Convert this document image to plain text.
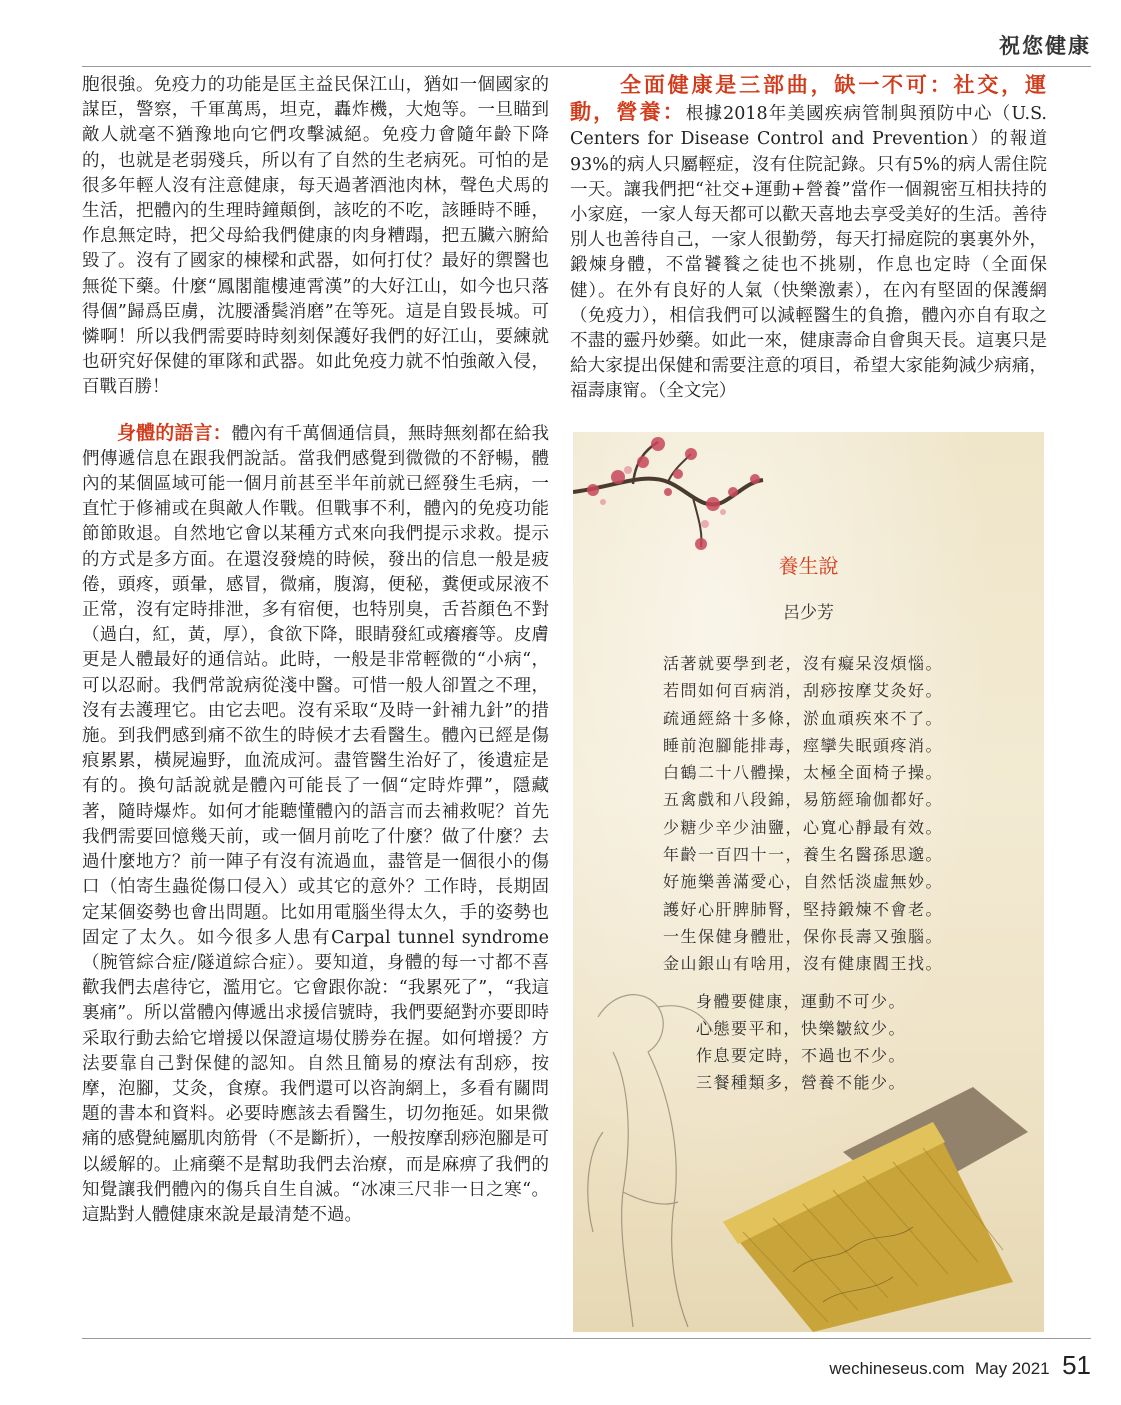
祝您健康

胞很強。免疫力的功能是匡主益民保江山，猶如一個國家的謀臣，警察，千軍萬馬，坦克，轟炸機，大炮等。一旦瞄到敵人就毫不猶豫地向它們攻擊滅絕。免疫力會隨年齡下降的，也就是老弱殘兵，所以有了自然的生老病死。可怕的是很多年輕人沒有注意健康，每天過著酒池肉林，聲色犬馬的生活，把體內的生理時鐘顛倒，該吃的不吃，該睡時不睡，作息無定時，把父母給我們健康的肉身糟蹋，把五臟六腑給毀了。沒有了國家的棟樑和武器，如何打仗？最好的禦醫也無從下藥。什麼“鳳閣龍樓連霄漢”的大好江山，如今也只落得個”歸爲臣虜，沈腰潘鬓消磨”在等死。這是自毀長城。可憐啊！所以我們需要時時刻刻保護好我們的好江山，要練就也研究好保健的軍隊和武器。如此免疫力就不怕強敵入侵，百戰百勝！

身體的語言：體內有千萬個通信員，無時無刻都在給我們傳遞信息在跟我們說話。當我們感覺到微微的不舒暢，體內的某個區域可能一個月前甚至半年前就已經發生毛病，一直忙于修補或在與敵人作戰。但戰事不利，體內的免疫功能節節敗退。自然地它會以某種方式來向我們提示求救。提示的方式是多方面。在還沒發燒的時候，發出的信息一般是疲倦，頭疼，頭暈，感冒，微痛，腹瀉，便秘，糞便或尿液不正常，沒有定時排泄，多有宿便，也特別臭，舌苔顏色不對（過白，紅，黃，厚），食欲下降，眼睛發紅或癢癢等。皮膚更是人體最好的通信站。此時，一般是非常輕微的“小病“，可以忍耐。我們常說病從淺中醫。可惜一般人卻置之不理，沒有去護理它。由它去吧。沒有采取“及時一針補九針”的措施。到我們感到痛不欲生的時候才去看醫生。體內已經是傷痕累累，橫屍遍野，血流成河。盡管醫生治好了，後遺症是有的。換句話說就是體內可能長了一個“定時炸彈”，隱藏著，隨時爆炸。如何才能聽懂體內的語言而去補救呢？首先我們需要回憶幾天前，或一個月前吃了什麼？做了什麼？去過什麼地方？前一陣子有沒有流過血，盡管是一個很小的傷口（怕寄生蟲從傷口侵入）或其它的意外？工作時，長期固定某個姿勢也會出問題。比如用電腦坐得太久，手的姿勢也固定了太久。如今很多人患有Carpal tunnel syndrome （腕管綜合症/隧道綜合症）。要知道，身體的每一寸都不喜歡我們去虐待它，濫用它。它會跟你說：“我累死了”，“我這裏痛”。所以當體內傳遞出求援信號時，我們要絕對亦要即時采取行動去給它增援以保證這場仗勝券在握。如何增援？方法要靠自己對保健的認知。自然且簡易的療法有刮痧，按摩，泡腳，艾灸，食療。我們還可以咨詢網上，多看有關問題的書本和資料。必要時應該去看醫生，切勿拖延。如果微痛的感覺純屬肌肉筋骨（不是斷折），一般按摩刮痧泡腳是可以緩解的。止痛藥不是幫助我們去治療，而是麻痹了我們的知覺讓我們體內的傷兵自生自滅。“冰凍三尺非一日之寒“。這點對人體健康來說是最清楚不過。

全面健康是三部曲，缺一不可：社交，運動，營養：根據2018年美國疾病管制與預防中心（U.S. Centers for Disease Control and Prevention）的報道93%的病人只屬輕症，沒有住院記錄。只有5%的病人需住院一天。讓我們把“社交+運動+營養”當作一個親密互相扶持的小家庭，一家人每天都可以歡天喜地去享受美好的生活。善待別人也善待自己，一家人很勤勞，每天打掃庭院的裏裏外外，鍛煉身體，不當饕餮之徒也不挑剔，作息也定時（全面保健）。在外有良好的人氣（快樂激素），在內有堅固的保護網（免疫力），相信我們可以減輕醫生的負擔，體內亦自有取之不盡的靈丹妙藥。如此一來，健康壽命自會與天長。這裏只是給大家提出保健和需要注意的項目，希望大家能夠減少病痛，福壽康甯。（全文完）

養生說
呂少芳
活著就要學到老，沒有癡呆沒煩惱。
若問如何百病消，刮痧按摩艾灸好。
疏通經絡十多條，淤血頑疾來不了。
睡前泡腳能排毒，痙攣失眠頭疼消。
白鶴二十八體操，太極全面椅子操。
五禽戲和八段錦，易筋經瑜伽都好。
少糖少辛少油鹽，心寬心靜最有效。
年齡一百四十一，養生名醫孫思邈。
好施樂善滿愛心，自然恬淡虛無妙。
護好心肝脾肺腎，堅持鍛煉不會老。
一生保健身體壯，保你長壽又強腦。
金山銀山有啥用，沒有健康閻王找。
身體要健康，運動不可少。
心態要平和，快樂皺紋少。
作息要定時，不過也不少。
三餐種類多，營養不能少。
wechineseus.com May 2021 51
